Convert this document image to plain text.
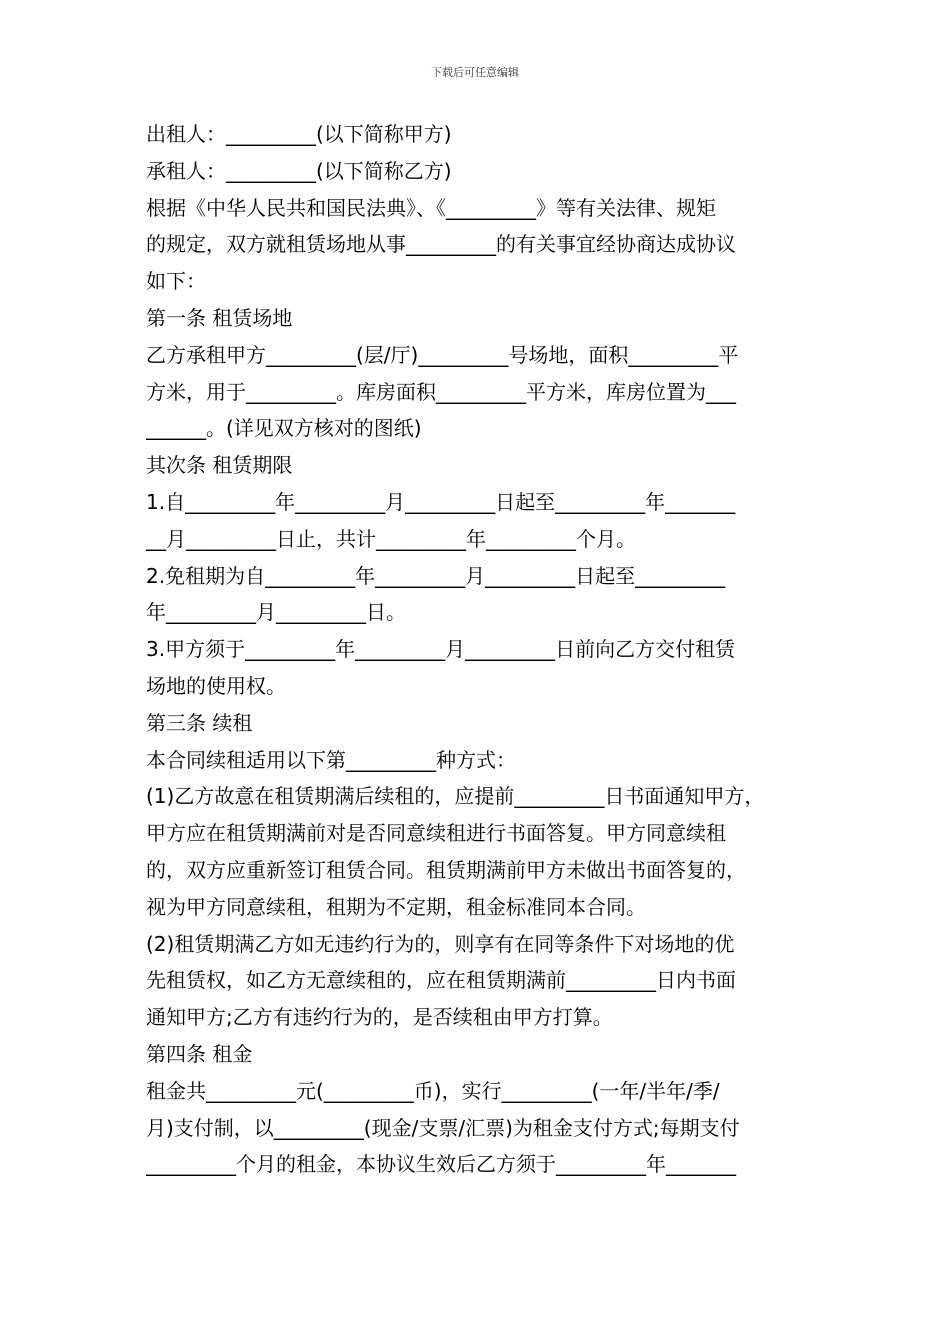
下载后可任意编辑

出租人：_________(以下简称甲方)

承租人：_________(以下简称乙方)

根据《中华人民共和国民法典》、《_________》等有关法律、规矩

的规定，双方就租赁场地从事_________的有关事宜经协商达成协议

如下：

第一条 租赁场地

乙方承租甲方_________(层/厅)_________号场地，面积_________平

方米，用于_________。库房面积_________平方米，库房位置为___

______。(详见双方核对的图纸)

其次条 租赁期限

1.自_________年_________月_________日起至_________年_______

__月_________日止，共计_________年_________个月。

2.免租期为自_________年_________月_________日起至_________

年_________月_________日。

3.甲方须于_________年_________月_________日前向乙方交付租赁

场地的使用权。

第三条 续租

本合同续租适用以下第_________种方式：

(1)乙方故意在租赁期满后续租的，应提前_________日书面通知甲方，

甲方应在租赁期满前对是否同意续租进行书面答复。甲方同意续租

的，双方应重新签订租赁合同。租赁期满前甲方未做出书面答复的，

视为甲方同意续租，租期为不定期，租金标准同本合同。

(2)租赁期满乙方如无违约行为的，则享有在同等条件下对场地的优

先租赁权，如乙方无意续租的，应在租赁期满前_________日内书面

通知甲方;乙方有违约行为的，是否续租由甲方打算。

第四条 租金

租金共_________元(_________币)，实行_________(一年/半年/季/

月)支付制，以_________(现金/支票/汇票)为租金支付方式;每期支付

_________个月的租金，本协议生效后乙方须于_________年_______
